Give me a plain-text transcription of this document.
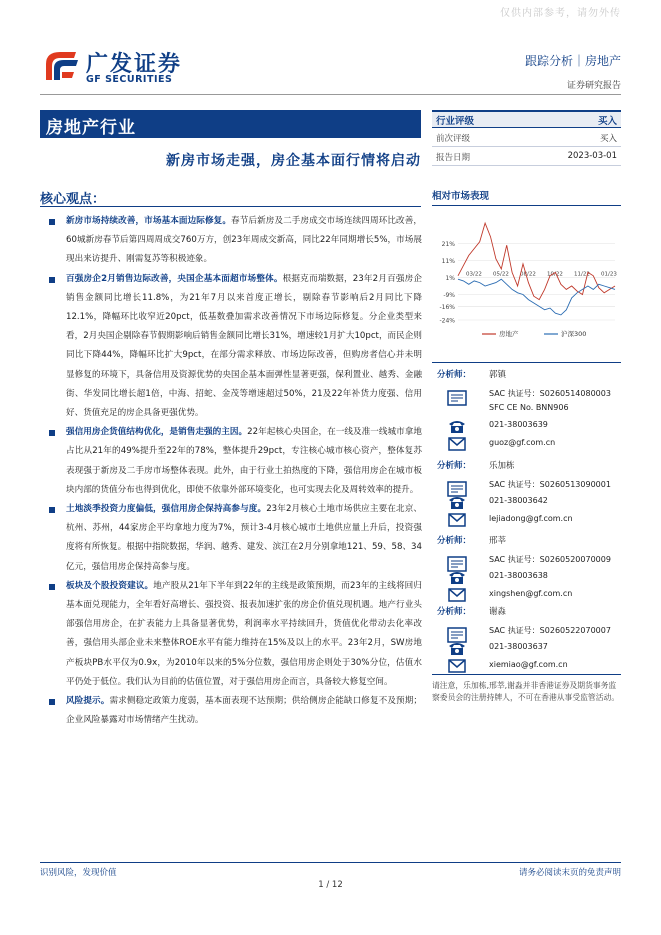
仅供内部参考，请勿外传
广发证券
GF SECURITIES
跟踪分析｜房地产
证券研究报告
房地产行业
新房市场走强，房企基本面行情将启动
核心观点：
新房市场持续改善，市场基本面边际修复。春节后新房及二手房成交市场连续四周环比改善，60城新房春节后第四周周成交760万方，创23年周成交新高，同比22年同期增长5%，市场展现出来访提升、刚需复苏等积极迹象。
百强房企2月销售边际改善，央国企基本面超市场整体。根据克而瑞数据，23年2月百强房企销售金额同比增长11.8%，为21年7月以来首度正增长，剔除春节影响后2月同比下降12.1%，降幅环比收窄近20pct，低基数叠加需求改善情况下市场边际修复。分企业类型来看，2月央国企剔除春节假期影响后销售金额同比增长31%，增速较1月扩大10pct，而民企则同比下降44%，降幅环比扩大9pct，在部分需求释放、市场边际改善，但购房者信心并未明显修复的环境下，具备信用及资源优势的央国企基本面弹性显著更强，保利置业、越秀、金融街、华发同比增长超1倍，中海、招蛇、金茂等增速超过50%，21及22年补货力度强、信用好、货值充足的房企具备更强优势。
强信用房企货值结构优化，是销售走强的主因。22年起核心央国企，在一线及准一线城市拿地占比从21年的49%提升至22年的78%，整体提升29pct，专注核心城市核心资产，整体复苏表现强于新房及二手房市场整体表现。此外，由于行业土拍热度的下降，强信用房企在城市板块内部的货值分布也得到优化，即使不依靠外部环境变化，也可实现去化及周转效率的提升。
土地淡季投资力度偏低，强信用房企保持高参与度。23年2月核心土地市场供应主要在北京、杭州、苏州，44家房企平均拿地力度为7%，预计3-4月核心城市土地供应量上升后，投资强度将有所恢复。根据中指院数据，华润、越秀、建发、滨江在2月分别拿地121、59、58、34亿元，强信用房企保持高参与度。
板块及个股投资建议。地产股从21年下半年到22年的主线是政策预期，而23年的主线将回归基本面兑现能力，全年看好高增长、强投资、报表加速扩张的房企价值兑现机遇。地产行业头部强信用房企，在扩表能力上具备显著优势，利润率水平持续回升，货值优化带动去化率改善，强信用头部企业未来整体ROE水平有能力维持在15%及以上的水平。23年2月，SW房地产板块PB水平仅为0.9x，为2010年以来的5%分位数，强信用房企则处于30%分位，估值水平仍处于低位。我们认为目前的估值位置，对于强信用房企而言，具备较大修复空间。
风险提示。需求侧稳定政策力度弱，基本面表现不达预期；供给侧房企能缺口修复不及预期；企业风险暴露对市场情绪产生扰动。
行业评级	买入
前次评级	买入
报告日期	2023-03-01
相对市场表现
21%
11%
1%
-9%
-16%
-24%
03/22 05/22 08/22 10/22 11/22 01/23
房地产	沪深300
分析师： 郭镇
SAC 执证号：S0260514080003
SFC CE No. BNN906
021-38003639
guoz@gf.com.cn
分析师： 乐加栋
SAC 执证号：S0260513090001
021-38003642
lejiadong@gf.com.cn
分析师： 邢莘
SAC 执证号：S0260520070009
021-38003638
xingshen@gf.com.cn
分析师： 谢淼
SAC 执证号：S0260522070007
021-38003637
xiemiao@gf.com.cn
请注意，乐加栋,邢莘,谢淼并非香港证券及期货事务监察委员会的注册持牌人，不可在香港从事受监管活动。
识别风险，发现价值	请务必阅读末页的免责声明
1 / 12
